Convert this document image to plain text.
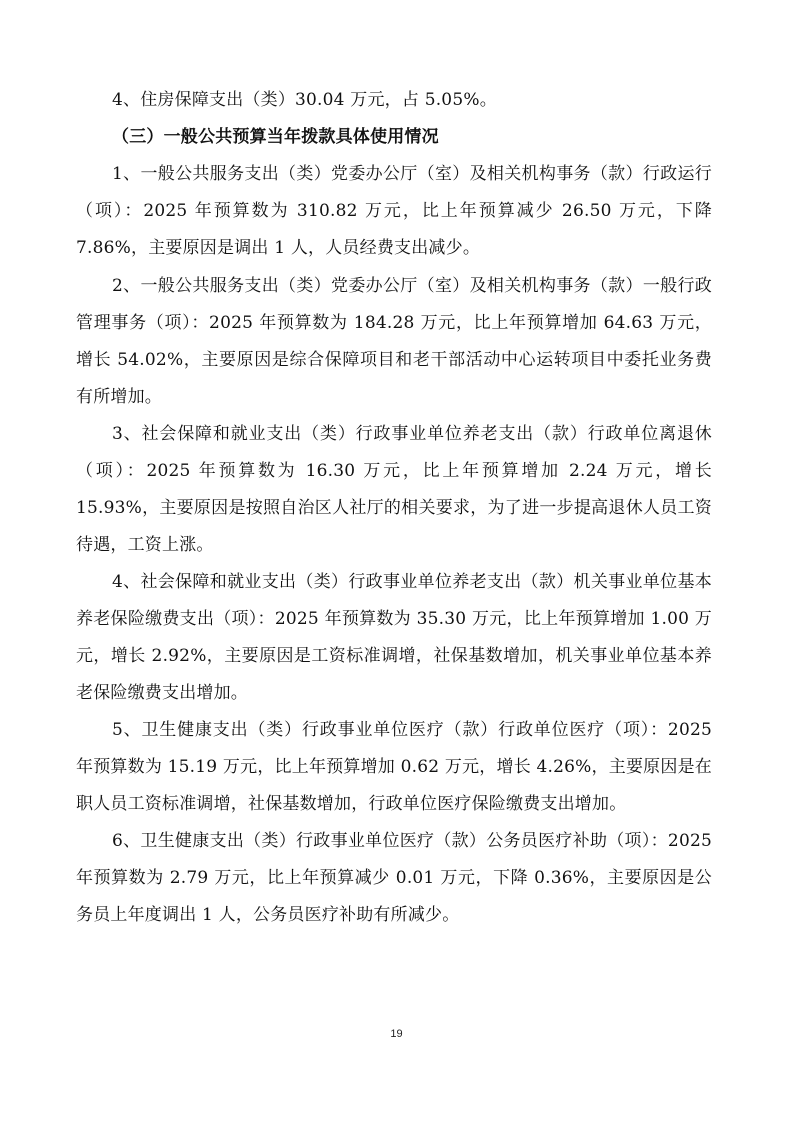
4、住房保障支出（类）30.04 万元，占 5.05%。

（三）一般公共预算当年拨款具体使用情况

1、一般公共服务支出（类）党委办公厅（室）及相关机构事务（款）行政运行（项）：2025 年预算数为 310.82 万元，比上年预算减少 26.50 万元，下降 7.86%，主要原因是调出 1 人，人员经费支出减少。

2、一般公共服务支出（类）党委办公厅（室）及相关机构事务（款）一般行政管理事务（项）：2025 年预算数为 184.28 万元，比上年预算增加 64.63 万元，增长 54.02%，主要原因是综合保障项目和老干部活动中心运转项目中委托业务费有所增加。

3、社会保障和就业支出（类）行政事业单位养老支出（款）行政单位离退休（项）：2025 年预算数为 16.30 万元，比上年预算增加 2.24 万元，增长 15.93%，主要原因是按照自治区人社厅的相关要求，为了进一步提高退休人员工资待遇，工资上涨。

4、社会保障和就业支出（类）行政事业单位养老支出（款）机关事业单位基本养老保险缴费支出（项）：2025 年预算数为 35.30 万元，比上年预算增加 1.00 万元，增长 2.92%，主要原因是工资标准调增，社保基数增加，机关事业单位基本养老保险缴费支出增加。

5、卫生健康支出（类）行政事业单位医疗（款）行政单位医疗（项）：2025 年预算数为 15.19 万元，比上年预算增加 0.62 万元，增长 4.26%，主要原因是在职人员工资标准调增，社保基数增加，行政单位医疗保险缴费支出增加。

6、卫生健康支出（类）行政事业单位医疗（款）公务员医疗补助（项）：2025 年预算数为 2.79 万元，比上年预算减少 0.01 万元，下降 0.36%，主要原因是公务员上年度调出 1 人，公务员医疗补助有所减少。

19
